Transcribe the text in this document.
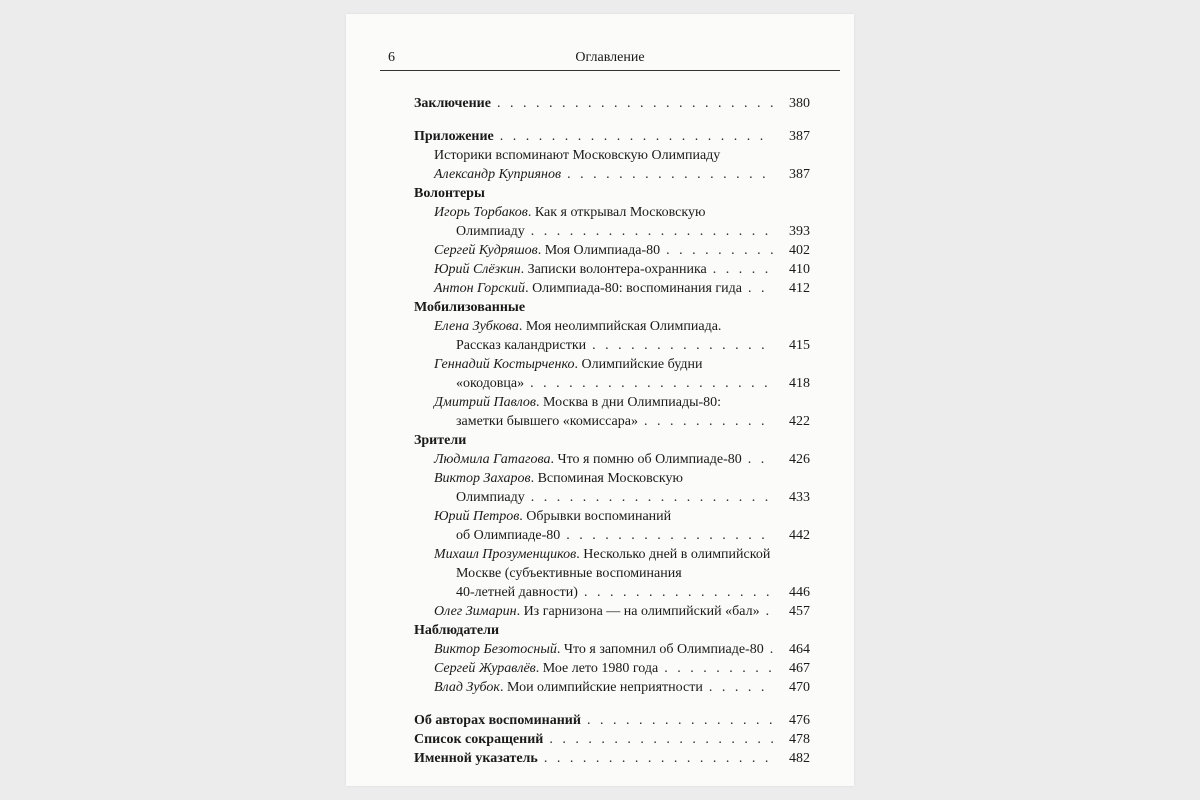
6	Оглавление
Заключение . . .	380
Приложение . . .	387
Историки вспоминают Московскую Олимпиаду
Александр Куприянов . . .	387
Волонтеры
Игорь Торбаков. Как я открывал Московскую
Олимпиаду . . .	393
Сергей Кудряшов. Моя Олимпиада-80 . . .	402
Юрий Слёзкин. Записки волонтера-охранника . . .	410
Антон Горский. Олимпиада-80: воспоминания гида . . .	412
Мобилизованные
Елена Зубкова. Моя неолимпийская Олимпиада.
Рассказ каландристки . . .	415
Геннадий Костырченко. Олимпийские будни
«окодовца» . . .	418
Дмитрий Павлов. Москва в дни Олимпиады-80:
заметки бывшего «комиссара» . . .	422
Зрители
Людмила Гатагова. Что я помню об Олимпиаде-80 . . .	426
Виктор Захаров. Вспоминая Московскую
Олимпиаду . . .	433
Юрий Петров. Обрывки воспоминаний
об Олимпиаде-80 . . .	442
Михаил Прозуменщиков. Несколько дней в олимпийской
Москве (субъективные воспоминания
40-летней давности) . . .	446
Олег Зимарин. Из гарнизона — на олимпийский «бал» . . .	457
Наблюдатели
Виктор Безотосный. Что я запомнил об Олимпиаде-80 . . .	464
Сергей Журавлёв. Мое лето 1980 года . . .	467
Влад Зубок. Мои олимпийские неприятности . . .	470
Об авторах воспоминаний . . .	476
Список сокращений . . .	478
Именной указатель . . .	482
